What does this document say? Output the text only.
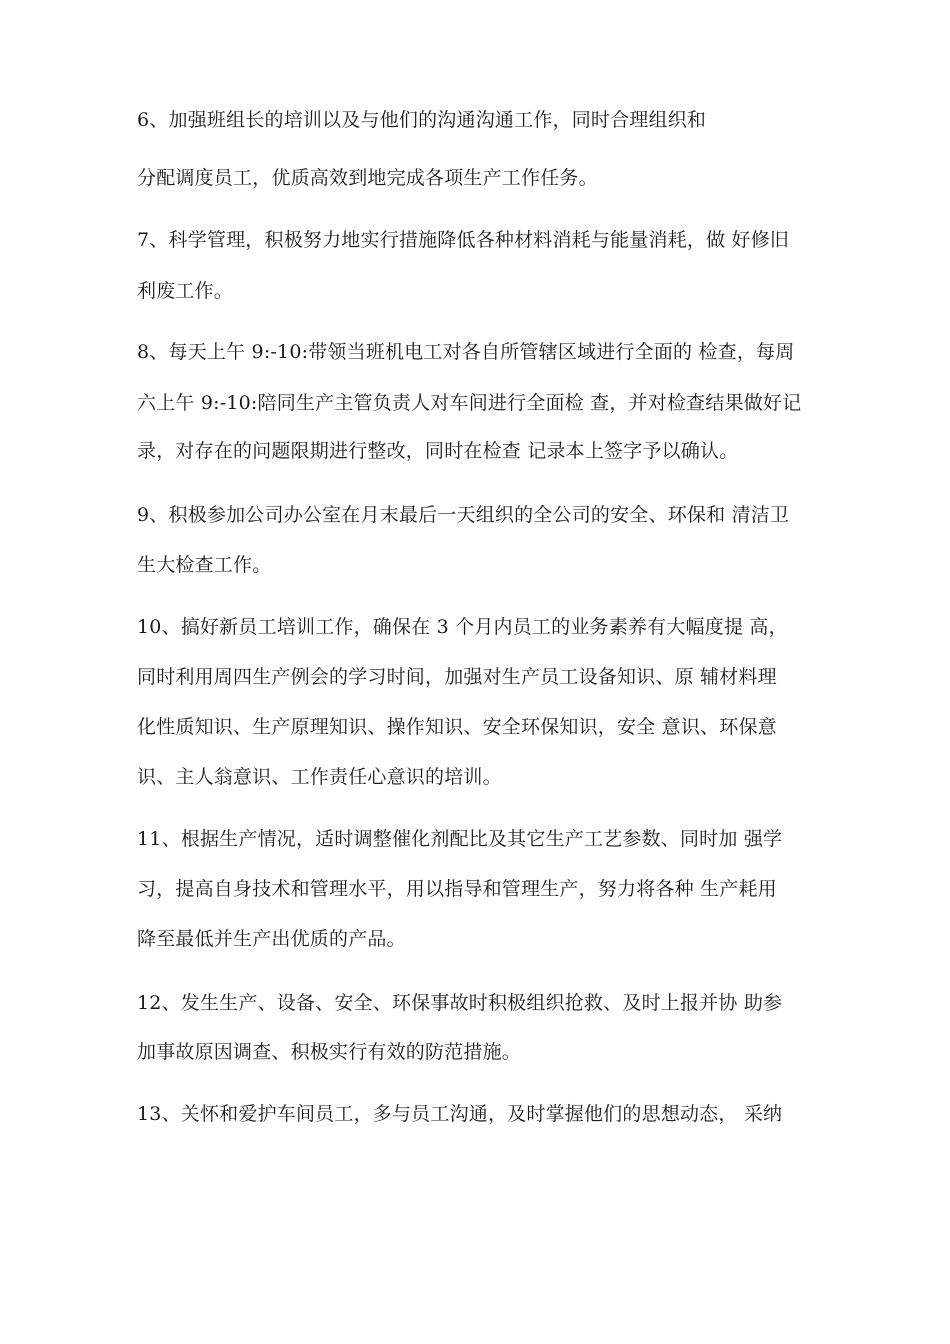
6、加强班组长的培训以及与他们的沟通沟通工作，同时合理组织和
分配调度员工，优质高效到地完成各项生产工作任务。
7、科学管理，积极努力地实行措施降低各种材料消耗与能量消耗，做 好修旧
利废工作。
8、每天上午 9:-10:带领当班机电工对各自所管辖区域进行全面的 检查，每周
六上午 9:-10:陪同生产主管负责人对车间进行全面检 查，并对检查结果做好记
录，对存在的问题限期进行整改，同时在检查 记录本上签字予以确认。
9、积极参加公司办公室在月末最后一天组织的全公司的安全、环保和 清洁卫
生大检查工作。
10、搞好新员工培训工作，确保在 3 个月内员工的业务素养有大幅度提 高，
同时利用周四生产例会的学习时间，加强对生产员工设备知识、原 辅材料理
化性质知识、生产原理知识、操作知识、安全环保知识，安全 意识、环保意
识、主人翁意识、工作责任心意识的培训。
11、根据生产情况，适时调整催化剂配比及其它生产工艺参数、同时加 强学
习，提高自身技术和管理水平，用以指导和管理生产，努力将各种 生产耗用
降至最低并生产出优质的产品。
12、发生生产、设备、安全、环保事故时积极组织抢救、及时上报并协 助参
加事故原因调查、积极实行有效的防范措施。
13、关怀和爱护车间员工，多与员工沟通，及时掌握他们的思想动态， 采纳
